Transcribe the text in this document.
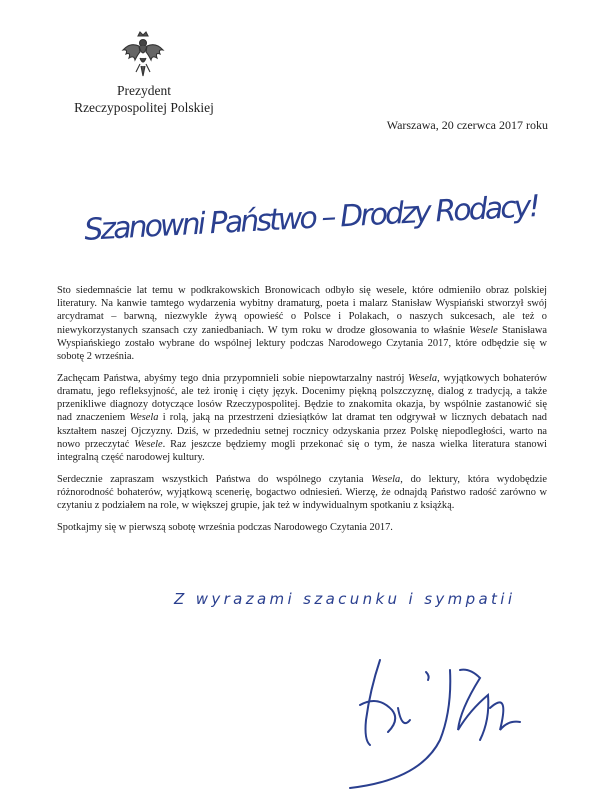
Prezydent
Rzeczypospolitej Polskiej
Warszawa, 20 czerwca 2017 roku
Szanowni Państwo – Drodzy Rodacy!

Sto siedemnaście lat temu w podkrakowskich Bronowicach odbyło się wesele, które odmieniło obraz polskiej literatury. Na kanwie tamtego wydarzenia wybitny dramaturg, poeta i malarz Stanisław Wyspiański stworzył swój arcydramat – barwną, niezwykle żywą opowieść o Polsce i Polakach, o naszych sukcesach, ale też o niewykorzystanych szansach czy zaniedbaniach. W tym roku w drodze głosowania to właśnie Wesele Stanisława Wyspiańskiego zostało wybrane do wspólnej lektury podczas Narodowego Czytania 2017, które odbędzie się w sobotę 2 września.

Zachęcam Państwa, abyśmy tego dnia przypomnieli sobie niepowtarzalny nastrój Wesela, wyjątkowych bohaterów dramatu, jego refleksyjność, ale też ironię i cięty język. Docenimy piękną polszczyznę, dialog z tradycją, a także przenikliwe diagnozy dotyczące losów Rzeczypospolitej. Będzie to znakomita okazja, by wspólnie zastanowić się nad znaczeniem Wesela i rolą, jaką na przestrzeni dziesiątków lat dramat ten odgrywał w licznych debatach nad kształtem naszej Ojczyzny. Dziś, w przededniu setnej rocznicy odzyskania przez Polskę niepodległości, warto na nowo przeczytać Wesele. Raz jeszcze będziemy mogli przekonać się o tym, że nasza wielka literatura stanowi integralną część narodowej kultury.

Serdecznie zapraszam wszystkich Państwa do wspólnego czytania Wesela, do lektury, która wydobędzie różnorodność bohaterów, wyjątkową scenerię, bogactwo odniesień. Wierzę, że odnajdą Państwo radość zarówno w czytaniu z podziałem na role, w większej grupie, jak też w indywidualnym spotkaniu z książką.

Spotkajmy się w pierwszą sobotę września podczas Narodowego Czytania 2017.

Z wyrazami szacunku i sympatii
